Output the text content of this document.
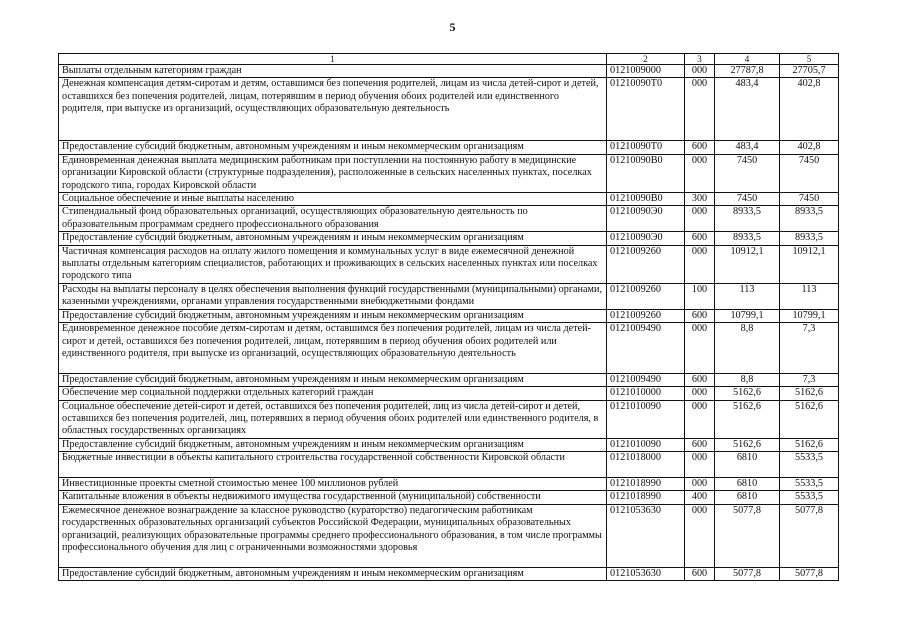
5
1	2	3	4	5
Выплаты отдельным категориям граждан	0121009000	000	27787,8	27705,7
Денежная компенсация детям-сиротам и детям, оставшимся без попечения родителей, лицам из числа детей-сирот и детей, оставшихся без попечения родителей, лицам, потерявшим в период обучения обоих родителей или единственного родителя, при выпуске из организаций, осуществляющих образовательную деятельность	01210090Т0	000	483,4	402,8
Предоставление субсидий бюджетным, автономным учреждениям и иным некоммерческим организациям	01210090Т0	600	483,4	402,8
Единовременная денежная выплата медицинским работникам при поступлении на постоянную работу в медицинские организации Кировской области (структурные подразделения), расположенные в сельских населенных пунктах, поселках городского типа, городах Кировской области	01210090В0	000	7450	7450
Социальное обеспечение и иные выплаты населению	01210090В0	300	7450	7450
Стипендиальный фонд образовательных организаций, осуществляющих образовательную деятельность по образовательным программам среднего профессионального образования	01210090Э0	000	8933,5	8933,5
Предоставление субсидий бюджетным, автономным учреждениям и иным некоммерческим организациям	01210090Э0	600	8933,5	8933,5
Частичная компенсация расходов на оплату жилого помещения и коммунальных услуг в виде ежемесячной денежной выплаты отдельным категориям специалистов, работающих и проживающих в сельских населенных пунктах или поселках городского типа	0121009260	000	10912,1	10912,1
Расходы на выплаты персоналу в целях обеспечения выполнения функций государственными (муниципальными) органами, казенными учреждениями, органами управления государственными внебюджетными фондами	0121009260	100	113	113
Предоставление субсидий бюджетным, автономным учреждениям и иным некоммерческим организациям	0121009260	600	10799,1	10799,1
Единовременное денежное пособие детям-сиротам и детям, оставшимся без попечения родителей, лицам из числа детей-сирот и детей, оставшихся без попечения родителей, лицам, потерявшим в период обучения обоих родителей или единственного родителя, при выпуске из организаций, осуществляющих образовательную деятельность	0121009490	000	8,8	7,3
Предоставление субсидий бюджетным, автономным учреждениям и иным некоммерческим организациям	0121009490	600	8,8	7,3
Обеспечение мер социальной поддержки отдельных категорий граждан	0121010000	000	5162,6	5162,6
Социальное обеспечение детей-сирот и детей, оставшихся без попечения родителей, лиц из числа детей-сирот и детей, оставшихся без попечения родителей, лиц, потерявших в период обучения обоих родителей или единственного родителя, в областных государственных организациях	0121010090	000	5162,6	5162,6
Предоставление субсидий бюджетным, автономным учреждениям и иным некоммерческим организациям	0121010090	600	5162,6	5162,6
Бюджетные инвестиции в объекты капитального строительства государственной собственности Кировской области	0121018000	000	6810	5533,5
Инвестиционные проекты сметной стоимостью менее 100 миллионов рублей	0121018990	000	6810	5533,5
Капитальные вложения в объекты недвижимого имущества государственной (муниципальной) собственности	0121018990	400	6810	5533,5
Ежемесячное денежное вознаграждение за классное руководство (кураторство) педагогическим работникам государственных образовательных организаций субъектов Российской Федерации, муниципальных образовательных организаций, реализующих образовательные программы среднего профессионального образования, в том числе программы профессионального обучения для лиц с ограниченными возможностями здоровья	0121053630	000	5077,8	5077,8
Предоставление субсидий бюджетным, автономным учреждениям и иным некоммерческим организациям	0121053630	600	5077,8	5077,8
